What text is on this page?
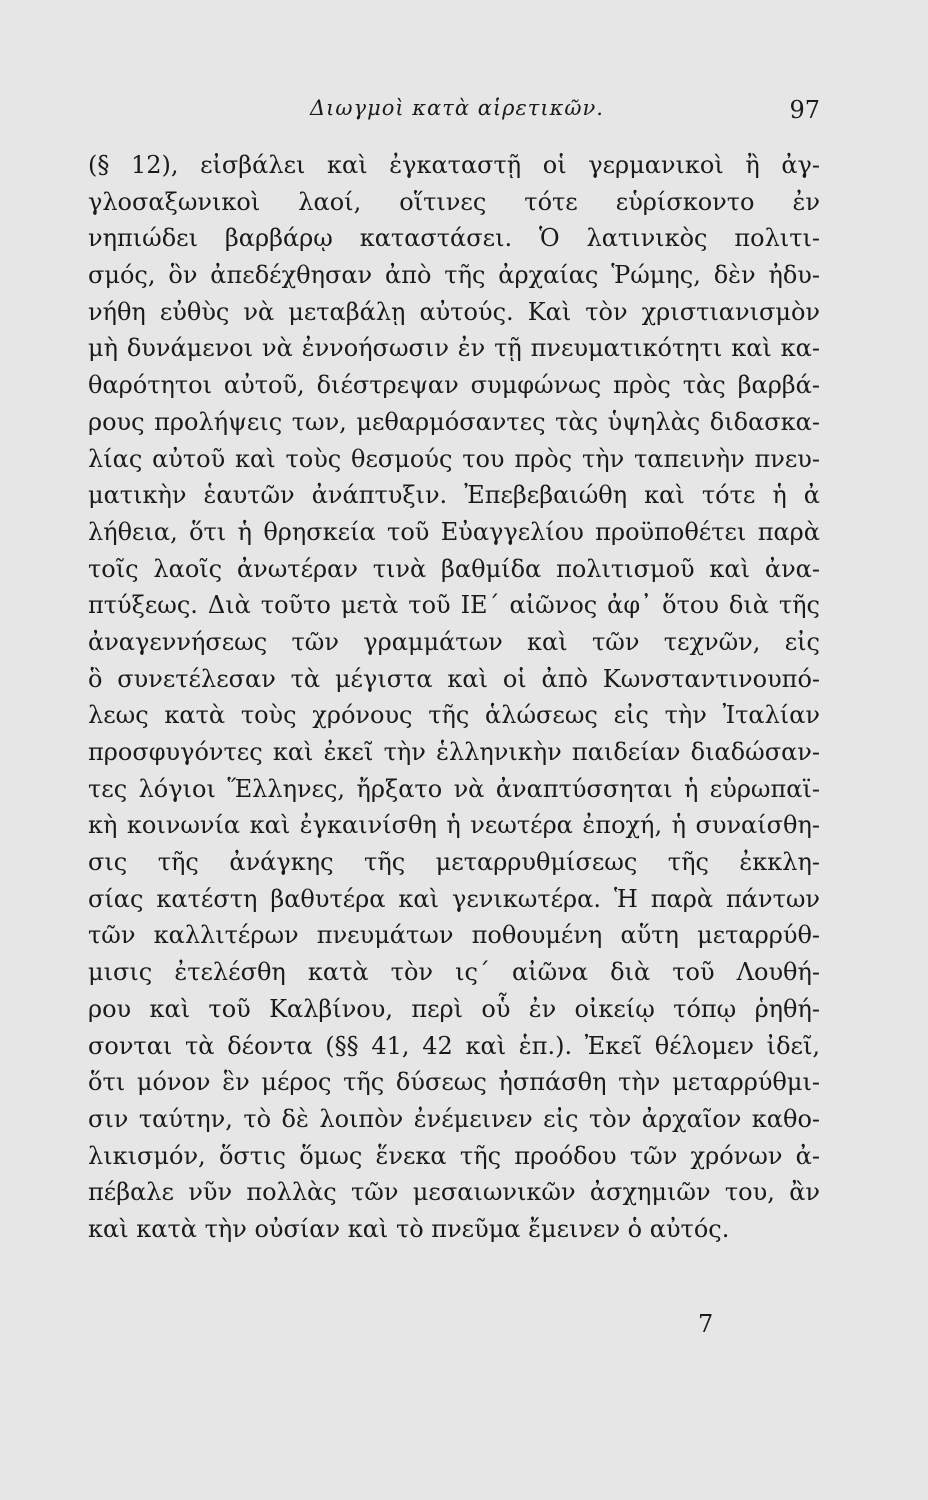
Διωγμοὶ κατὰ αἱρετικῶν.	97
(§ 12), εἰσβάλει καὶ ἐγκαταστῇ οἱ γερμανικοὶ ἢ ἀγ-
γλοσαξωνικοὶ λαοί, οἵτινες τότε εὑρίσκοντο ἐν
νηπιώδει βαρβάρῳ καταστάσει. Ὁ λατινικὸς πολιτι-
σμός, ὃν ἀπεδέχθησαν ἀπὸ τῆς ἀρχαίας Ῥώμης, δὲν ἠδυ-
νήθη εὐθὺς νὰ μεταβάλῃ αὐτούς. Καὶ τὸν χριστιανισμὸν
μὴ δυνάμενοι νὰ ἐννοήσωσιν ἐν τῇ πνευματικότητι καὶ κα-
θαρότητοι αὐτοῦ, διέστρεψαν συμφώνως πρὸς τὰς βαρβά-
ρους προλήψεις των, μεθαρμόσαντες τὰς ὑψηλὰς διδασκα-
λίας αὐτοῦ καὶ τοὺς θεσμούς του πρὸς τὴν ταπεινὴν πνευ-
ματικὴν ἑαυτῶν ἀνάπτυξιν. Ἐπεβεβαιώθη καὶ τότε ἡ ἀ
λήθεια, ὅτι ἡ θρησκεία τοῦ Εὐαγγελίου προϋποθέτει παρὰ
τοῖς λαοῖς ἀνωτέραν τινὰ βαθμίδα πολιτισμοῦ καὶ ἀνα-
πτύξεως. Διὰ τοῦτο μετὰ τοῦ ΙΕ΄ αἰῶνος ἀφ᾿ ὅτου διὰ τῆς
ἀναγεννήσεως τῶν γραμμάτων καὶ τῶν τεχνῶν, εἰς
ὃ συνετέλεσαν τὰ μέγιστα καὶ οἱ ἀπὸ Κωνσταντινουπό-
λεως κατὰ τοὺς χρόνους τῆς ἁλώσεως εἰς τὴν Ἰταλίαν
προσφυγόντες καὶ ἐκεῖ τὴν ἑλληνικὴν παιδείαν διαδώσαν-
τες λόγιοι Ἕλληνες, ἤρξατο νὰ ἀναπτύσσηται ἡ εὐρωπαϊ-
κὴ κοινωνία καὶ ἐγκαινίσθη ἡ νεωτέρα ἐποχή, ἡ συναίσθη-
σις τῆς ἀνάγκης τῆς μεταρρυθμίσεως τῆς ἐκκλη-
σίας κατέστη βαθυτέρα καὶ γενικωτέρα. Ἡ παρὰ πάντων
τῶν καλλιτέρων πνευμάτων ποθουμένη αὕτη μεταρρύθ-
μισις ἐτελέσθη κατὰ τὸν ις΄ αἰῶνα διὰ τοῦ Λουθή-
ρου καὶ τοῦ Καλβίνου, περὶ οὗ ἐν οἰκείῳ τόπῳ ῥηθή-
σονται τὰ δέοντα (§§ 41, 42 καὶ ἑπ.). Ἐκεῖ θέλομεν ἰδεῖ,
ὅτι μόνον ἓν μέρος τῆς δύσεως ἠσπάσθη τὴν μεταρρύθμι-
σιν ταύτην, τὸ δὲ λοιπὸν ἐνέμεινεν εἰς τὸν ἀρχαῖον καθο-
λικισμόν, ὅστις ὅμως ἕνεκα τῆς προόδου τῶν χρόνων ἀ-
πέβαλε νῦν πολλὰς τῶν μεσαιωνικῶν ἀσχημιῶν του, ἂν
καὶ κατὰ τὴν οὐσίαν καὶ τὸ πνεῦμα ἔμεινεν ὁ αὐτός.
7
